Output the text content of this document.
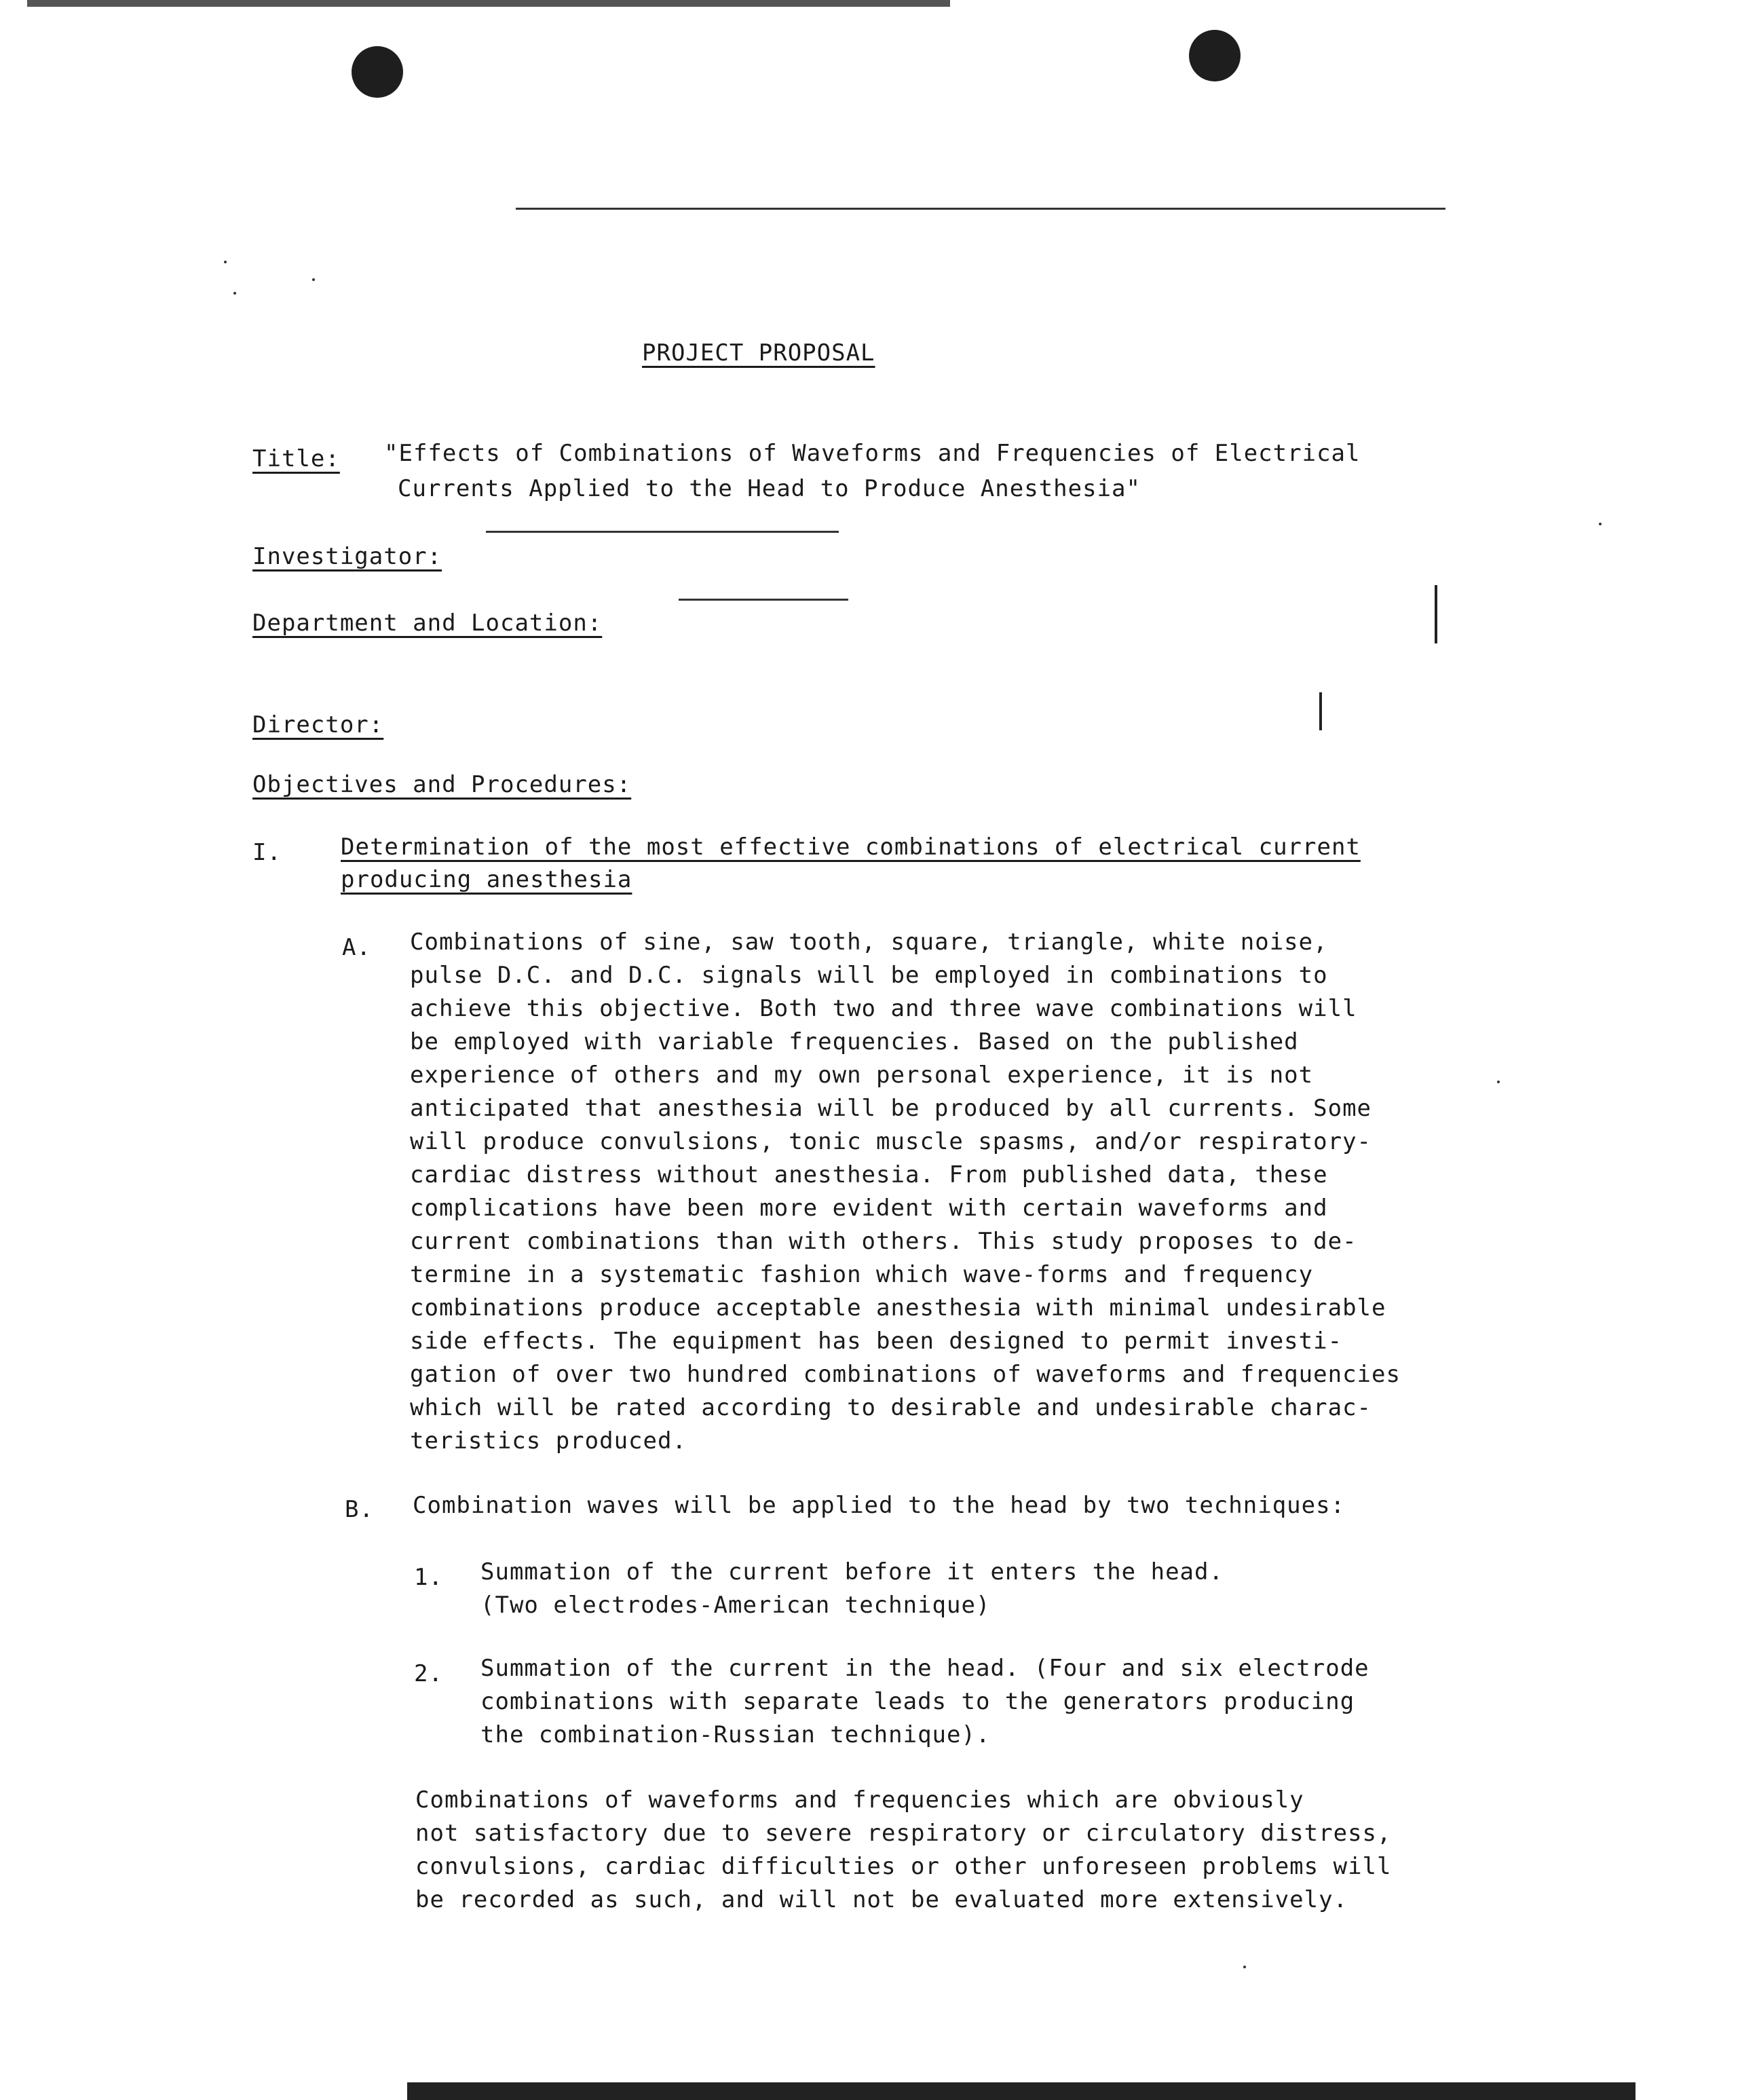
PROJECT PROPOSAL
Title: "Effects of Combinations of Waveforms and Frequencies of Electrical
Currents Applied to the Head to Produce Anesthesia"
Investigator:
Department and Location:
Director:
Objectives and Procedures:
I.	Determination of the most effective combinations of electrical current
producing anesthesia
A. Combinations of sine, saw tooth, square, triangle, white noise,
pulse D.C. and D.C. signals will be employed in combinations to
achieve this objective. Both two and three wave combinations will
be employed with variable frequencies. Based on the published
experience of others and my own personal experience, it is not
anticipated that anesthesia will be produced by all currents. Some
will produce convulsions, tonic muscle spasms, and/or respiratory-
cardiac distress without anesthesia. From published data, these
complications have been more evident with certain waveforms and
current combinations than with others. This study proposes to de-
termine in a systematic fashion which wave-forms and frequency
combinations produce acceptable anesthesia with minimal undesirable
side effects. The equipment has been designed to permit investi-
gation of over two hundred combinations of waveforms and frequencies
which will be rated according to desirable and undesirable charac-
teristics produced.
B. Combination waves will be applied to the head by two techniques:
1. Summation of the current before it enters the head.
(Two electrodes-American technique)
2. Summation of the current in the head. (Four and six electrode
combinations with separate leads to the generators producing
the combination-Russian technique).
Combinations of waveforms and frequencies which are obviously
not satisfactory due to severe respiratory or circulatory distress,
convulsions, cardiac difficulties or other unforeseen problems will
be recorded as such, and will not be evaluated more extensively.
